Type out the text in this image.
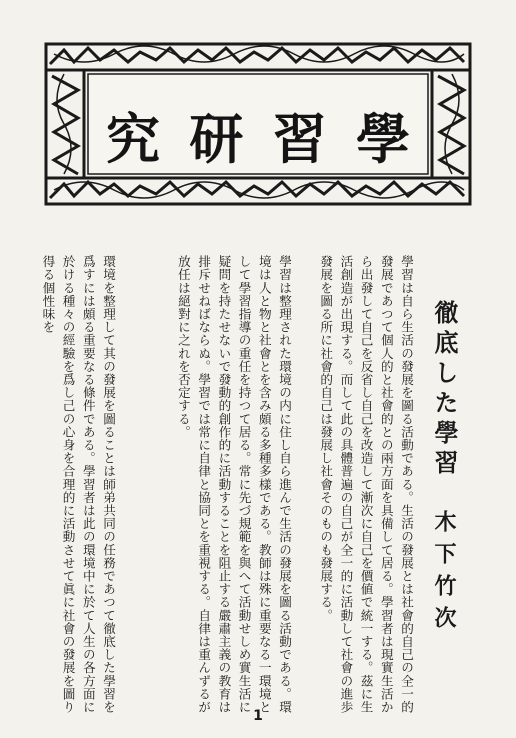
學
習
研
究
徹底した學習
木下竹次
學習は自ら生活の發展を圖る活動である。生活の發展とは社會的自己の全一的發展であつて個人的と社會的との兩方面を具備して居る。學習者は現實生活から出發して自己を反省し自己を改造して漸次に自己を價値で統一する。茲に生活創造が出現する。而して此の具體普遍の自己が全一的に活動して社會の進歩發展を圖る所に社會的自己は發展し社會そのものも發展する。
學習は整理された環境の内に住し自ら進んで生活の發展を圖る活動である。環境は人と物と社會とを含み頗る多種多樣である。教師は殊に重要なる一環境として學習指導の重任を持つて居る。常に先づ規範を與へて活動せしめ實生活に疑問を持たせないで發動的創作的に活動することを阻止する嚴肅主義の教育は排斥せねばならぬ。學習では常に自律と協同とを重視する。自律は重んずるが放任は絕對に之れを否定する。
環境を整理して其の發展を圖ることは師弟共同の任務であつて徹底した學習を爲すには頗る重要なる條件である。學習者は此の環境中に於て人生の各方面に於ける種々の經驗を爲し己の心身を合理的に活動させて眞に社會の發展を圖り得る個性味を
1
